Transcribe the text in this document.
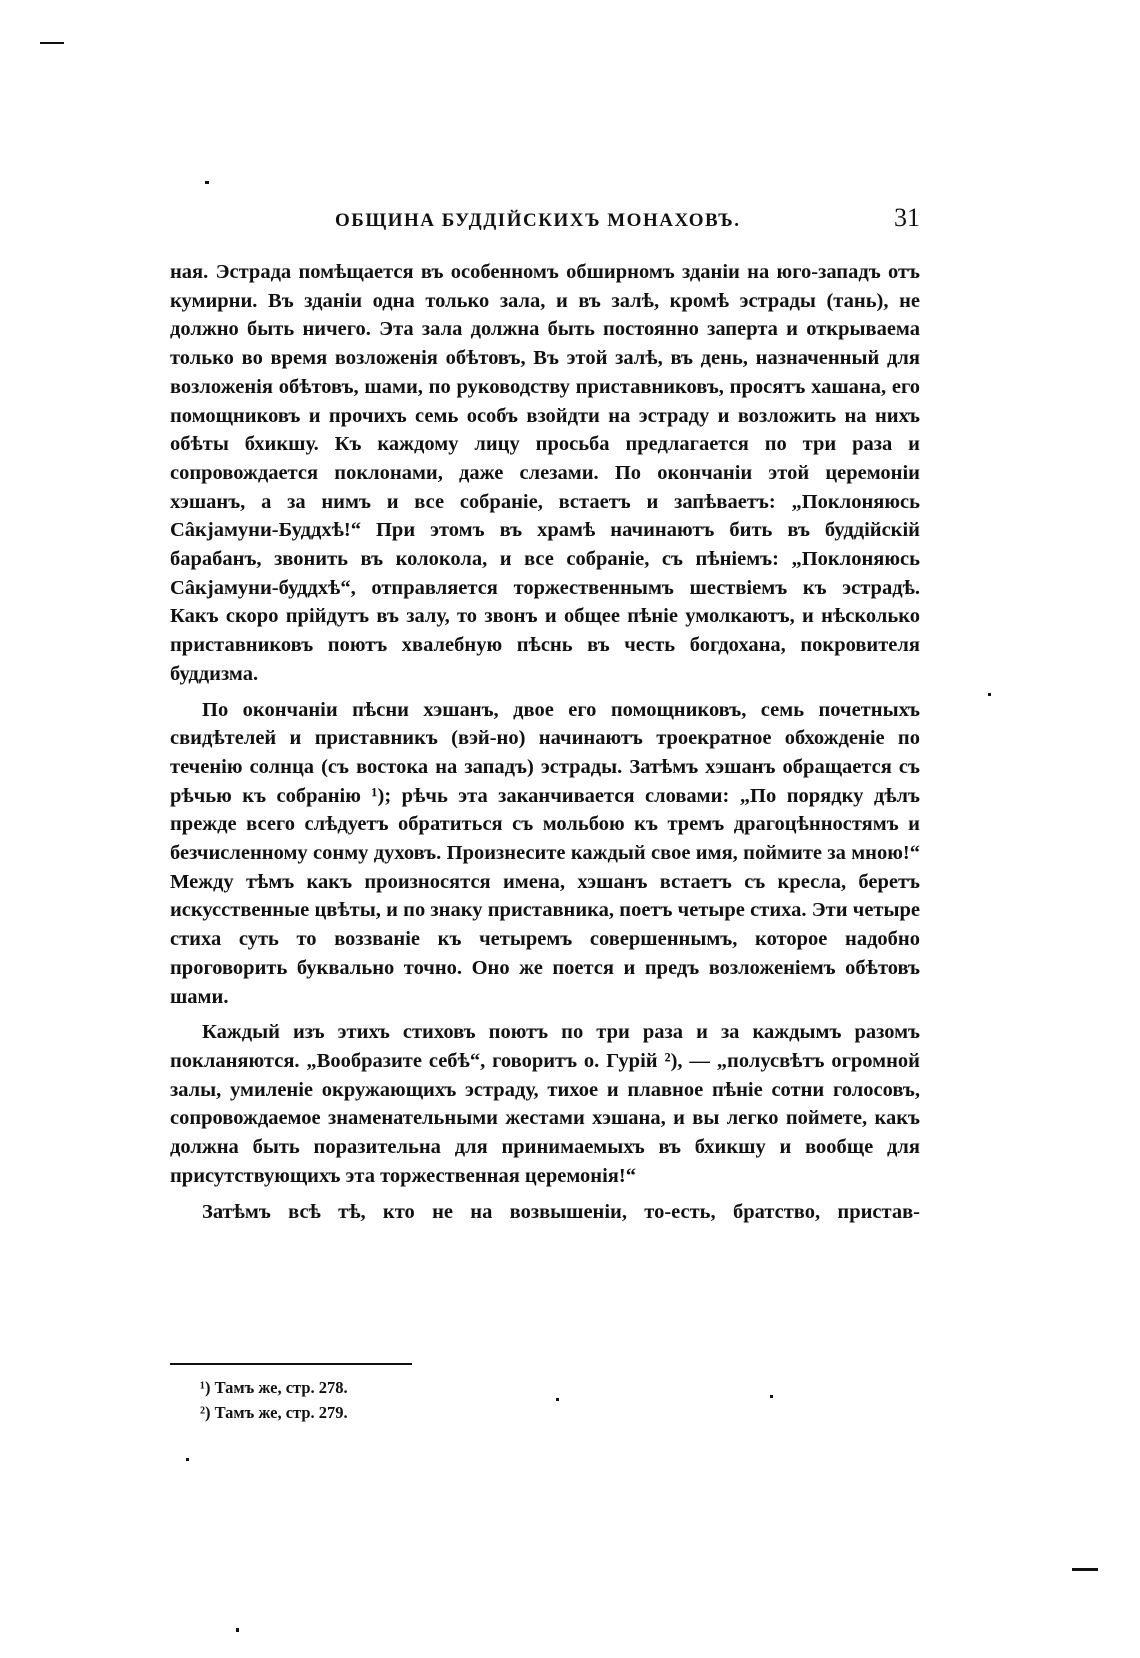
ОБЩИНА БУДДІЙСКИХЪ МОНАХОВЪ.	31

ная. Эстрада помѣщается въ особенномъ обширномъ зданіи на юго-западъ отъ кумирни. Въ зданіи одна только зала, и въ залѣ, кромѣ эстрады (тань), не должно быть ничего. Эта зала должна быть постоянно заперта и открываема только во время возложенія обѣтовъ, Въ этой залѣ, въ день, назначенный для возложенія обѣтовъ, шами, по руководству приставниковъ, просятъ хашана, его помощниковъ и прочихъ семь особъ взойдти на эстраду и возложить на нихъ обѣты бхикшу. Къ каждому лицу просьба предлагается по три раза и сопровождается поклонами, даже слезами. По окончаніи этой церемоніи хэшанъ, а за нимъ и все собраніе, встаетъ и запѣваетъ: „Поклоняюсь Сâкjамуни-Буддхѣ!“ При этомъ въ храмѣ начинаютъ бить въ буддійскій барабанъ, звонить въ колокола, и все собраніе, съ пѣніемъ: „Поклоняюсь Сâкjамуни-буддхѣ“, отправляется торжественнымъ шествіемъ къ эстрадѣ. Какъ скоро прійдутъ въ залу, то звонъ и общее пѣніе умолкаютъ, и нѣсколько приставниковъ поютъ хвалебную пѣснь въ честь богдохана, покровителя буддизма.

По окончаніи пѣсни хэшанъ, двое его помощниковъ, семь почетныхъ свидѣтелей и приставникъ (вэй-но) начинаютъ троекратное обхожденіе по теченію солнца (съ востока на западъ) эстрады. Затѣмъ хэшанъ обращается съ рѣчью къ собранію ¹); рѣчь эта заканчивается словами: „По порядку дѣлъ прежде всего слѣдуетъ обратиться съ мольбою къ тремъ драгоцѣнностямъ и безчисленному сонму духовъ. Произнесите каждый свое имя, поймите за мною!“ Между тѣмъ какъ произносятся имена, хэшанъ встаетъ съ кресла, беретъ искусственные цвѣты, и по знаку приставника, поетъ четыре стиха. Эти четыре стиха суть то воззваніе къ четыремъ совершеннымъ, которое надобно проговорить буквально точно. Оно же поется и предъ возложеніемъ обѣтовъ шами.

Каждый изъ этихъ стиховъ поютъ по три раза и за каждымъ разомъ покланяются. „Вообразите себѣ“, говоритъ о. Гурій ²), — „полусвѣтъ огромной залы, умиленіе окружающихъ эстраду, тихое и плавное пѣніе сотни голосовъ, сопровождаемое знаменательными жестами хэшана, и вы легко поймете, какъ должна быть поразительна для принимаемыхъ въ бхикшу и вообще для присутствующихъ эта торжественная церемонія!“

Затѣмъ всѣ тѣ, кто не на возвышеніи, то-есть, братство, пристав-

¹) Тамъ же, стр. 278.
²) Тамъ же, стр. 279.
